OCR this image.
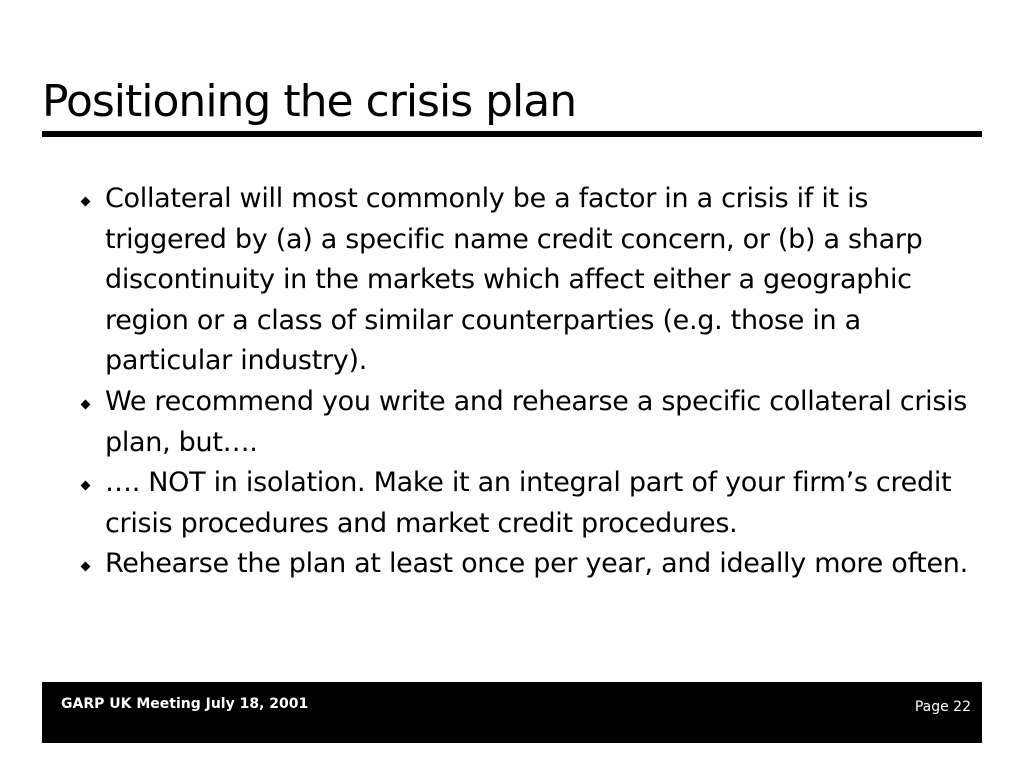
Positioning the crisis plan
Collateral will most commonly be a factor in a crisis if it is triggered by (a) a specific name credit concern, or (b) a sharp discontinuity in the markets which affect either a geographic region or a class of similar counterparties (e.g. those in a particular industry).
We recommend you write and rehearse a specific collateral crisis plan, but….
…. NOT in isolation. Make it an integral part of your firm’s credit crisis procedures and market credit procedures.
Rehearse the plan at least once per year, and ideally more often.
GARP UK Meeting July 18, 2001	Page 22
